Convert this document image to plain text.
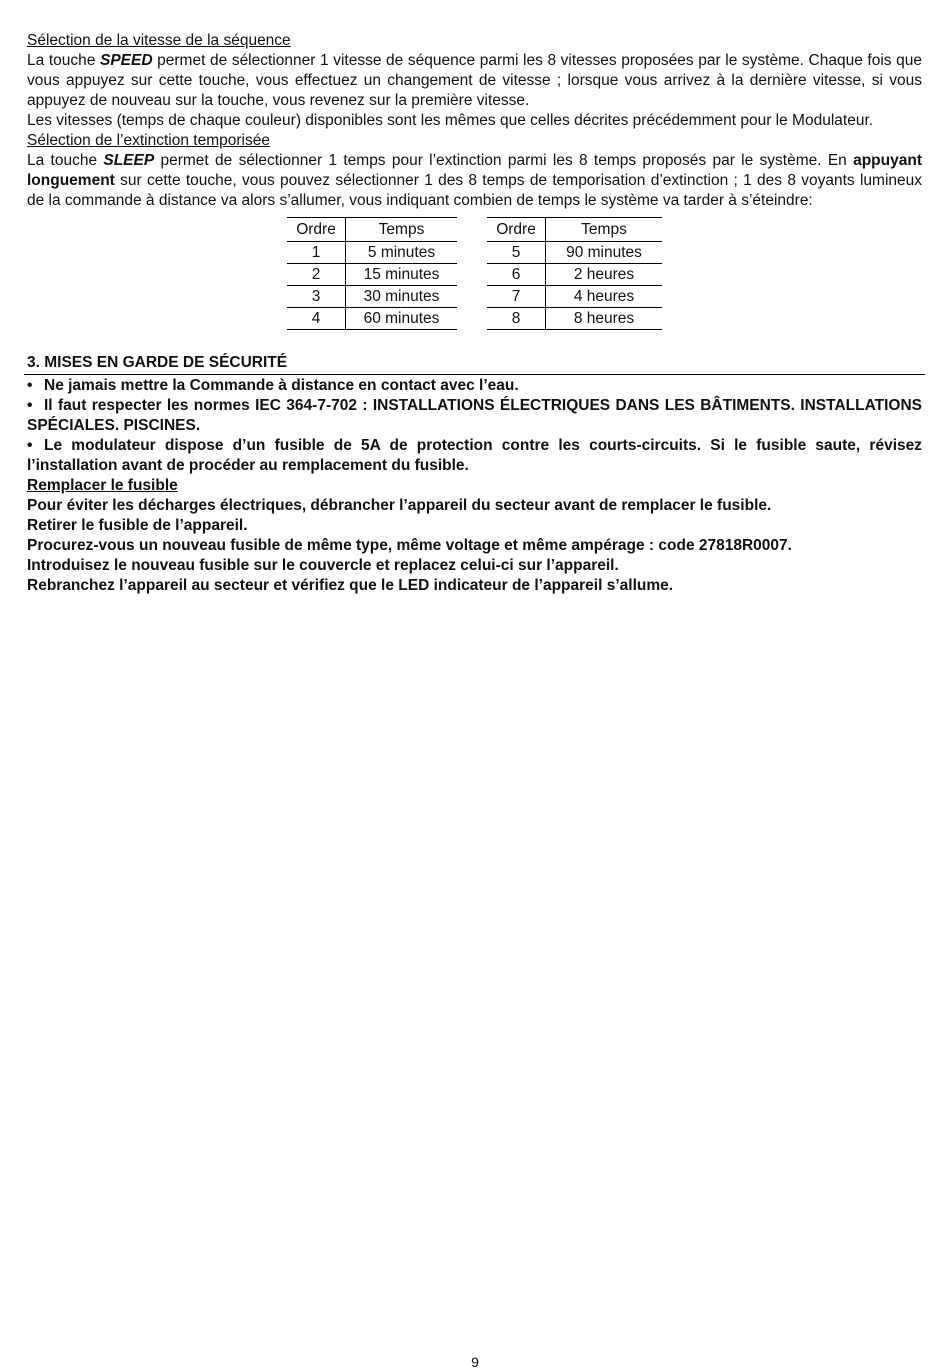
Sélection de la vitesse de la séquence

La touche SPEED permet de sélectionner 1 vitesse de séquence parmi les 8 vitesses proposées par le système. Chaque fois que vous appuyez sur cette touche, vous effectuez un changement de vitesse ; lorsque vous arrivez à la dernière vitesse, si vous appuyez de nouveau sur la touche, vous revenez sur la première vitesse.

Les vitesses (temps de chaque couleur) disponibles sont les mêmes que celles décrites précédemment pour le Modulateur.

Sélection de l’extinction temporisée

La touche SLEEP permet de sélectionner 1 temps pour l’extinction parmi les 8 temps proposés par le système. En appuyant longuement sur cette touche, vous pouvez sélectionner 1 des 8 temps de temporisation d’extinction ; 1 des 8 voyants lumineux de la commande à distance va alors s’allumer, vous indiquant combien de temps le système va tarder à s’éteindre:

Ordre	Temps
1	5 minutes
2	15 minutes
3	30 minutes
4	60 minutes
Ordre	Temps
5	90 minutes
6	2 heures
7	4 heures
8	8 heures
3. MISES EN GARDE DE SÉCURITÉ
• Ne jamais mettre la Commande à distance en contact avec l’eau.
• Il faut respecter les normes IEC 364-7-702 : INSTALLATIONS ÉLECTRIQUES DANS LES BÂTIMENTS. INSTALLATIONS SPÉCIALES. PISCINES.
• Le modulateur dispose d’un fusible de 5A de protection contre les courts-circuits. Si le fusible saute, révisez l’installation avant de procéder au remplacement du fusible.
Remplacer le fusible

Pour éviter les décharges électriques, débrancher l’appareil du secteur avant de remplacer le fusible.

Retirer le fusible de l’appareil.

Procurez-vous un nouveau fusible de même type, même voltage et même ampérage : code 27818R0007.

Introduisez le nouveau fusible sur le couvercle et replacez celui-ci sur l’appareil.

Rebranchez l’appareil au secteur et vérifiez que le LED indicateur de l’appareil s’allume.

9
